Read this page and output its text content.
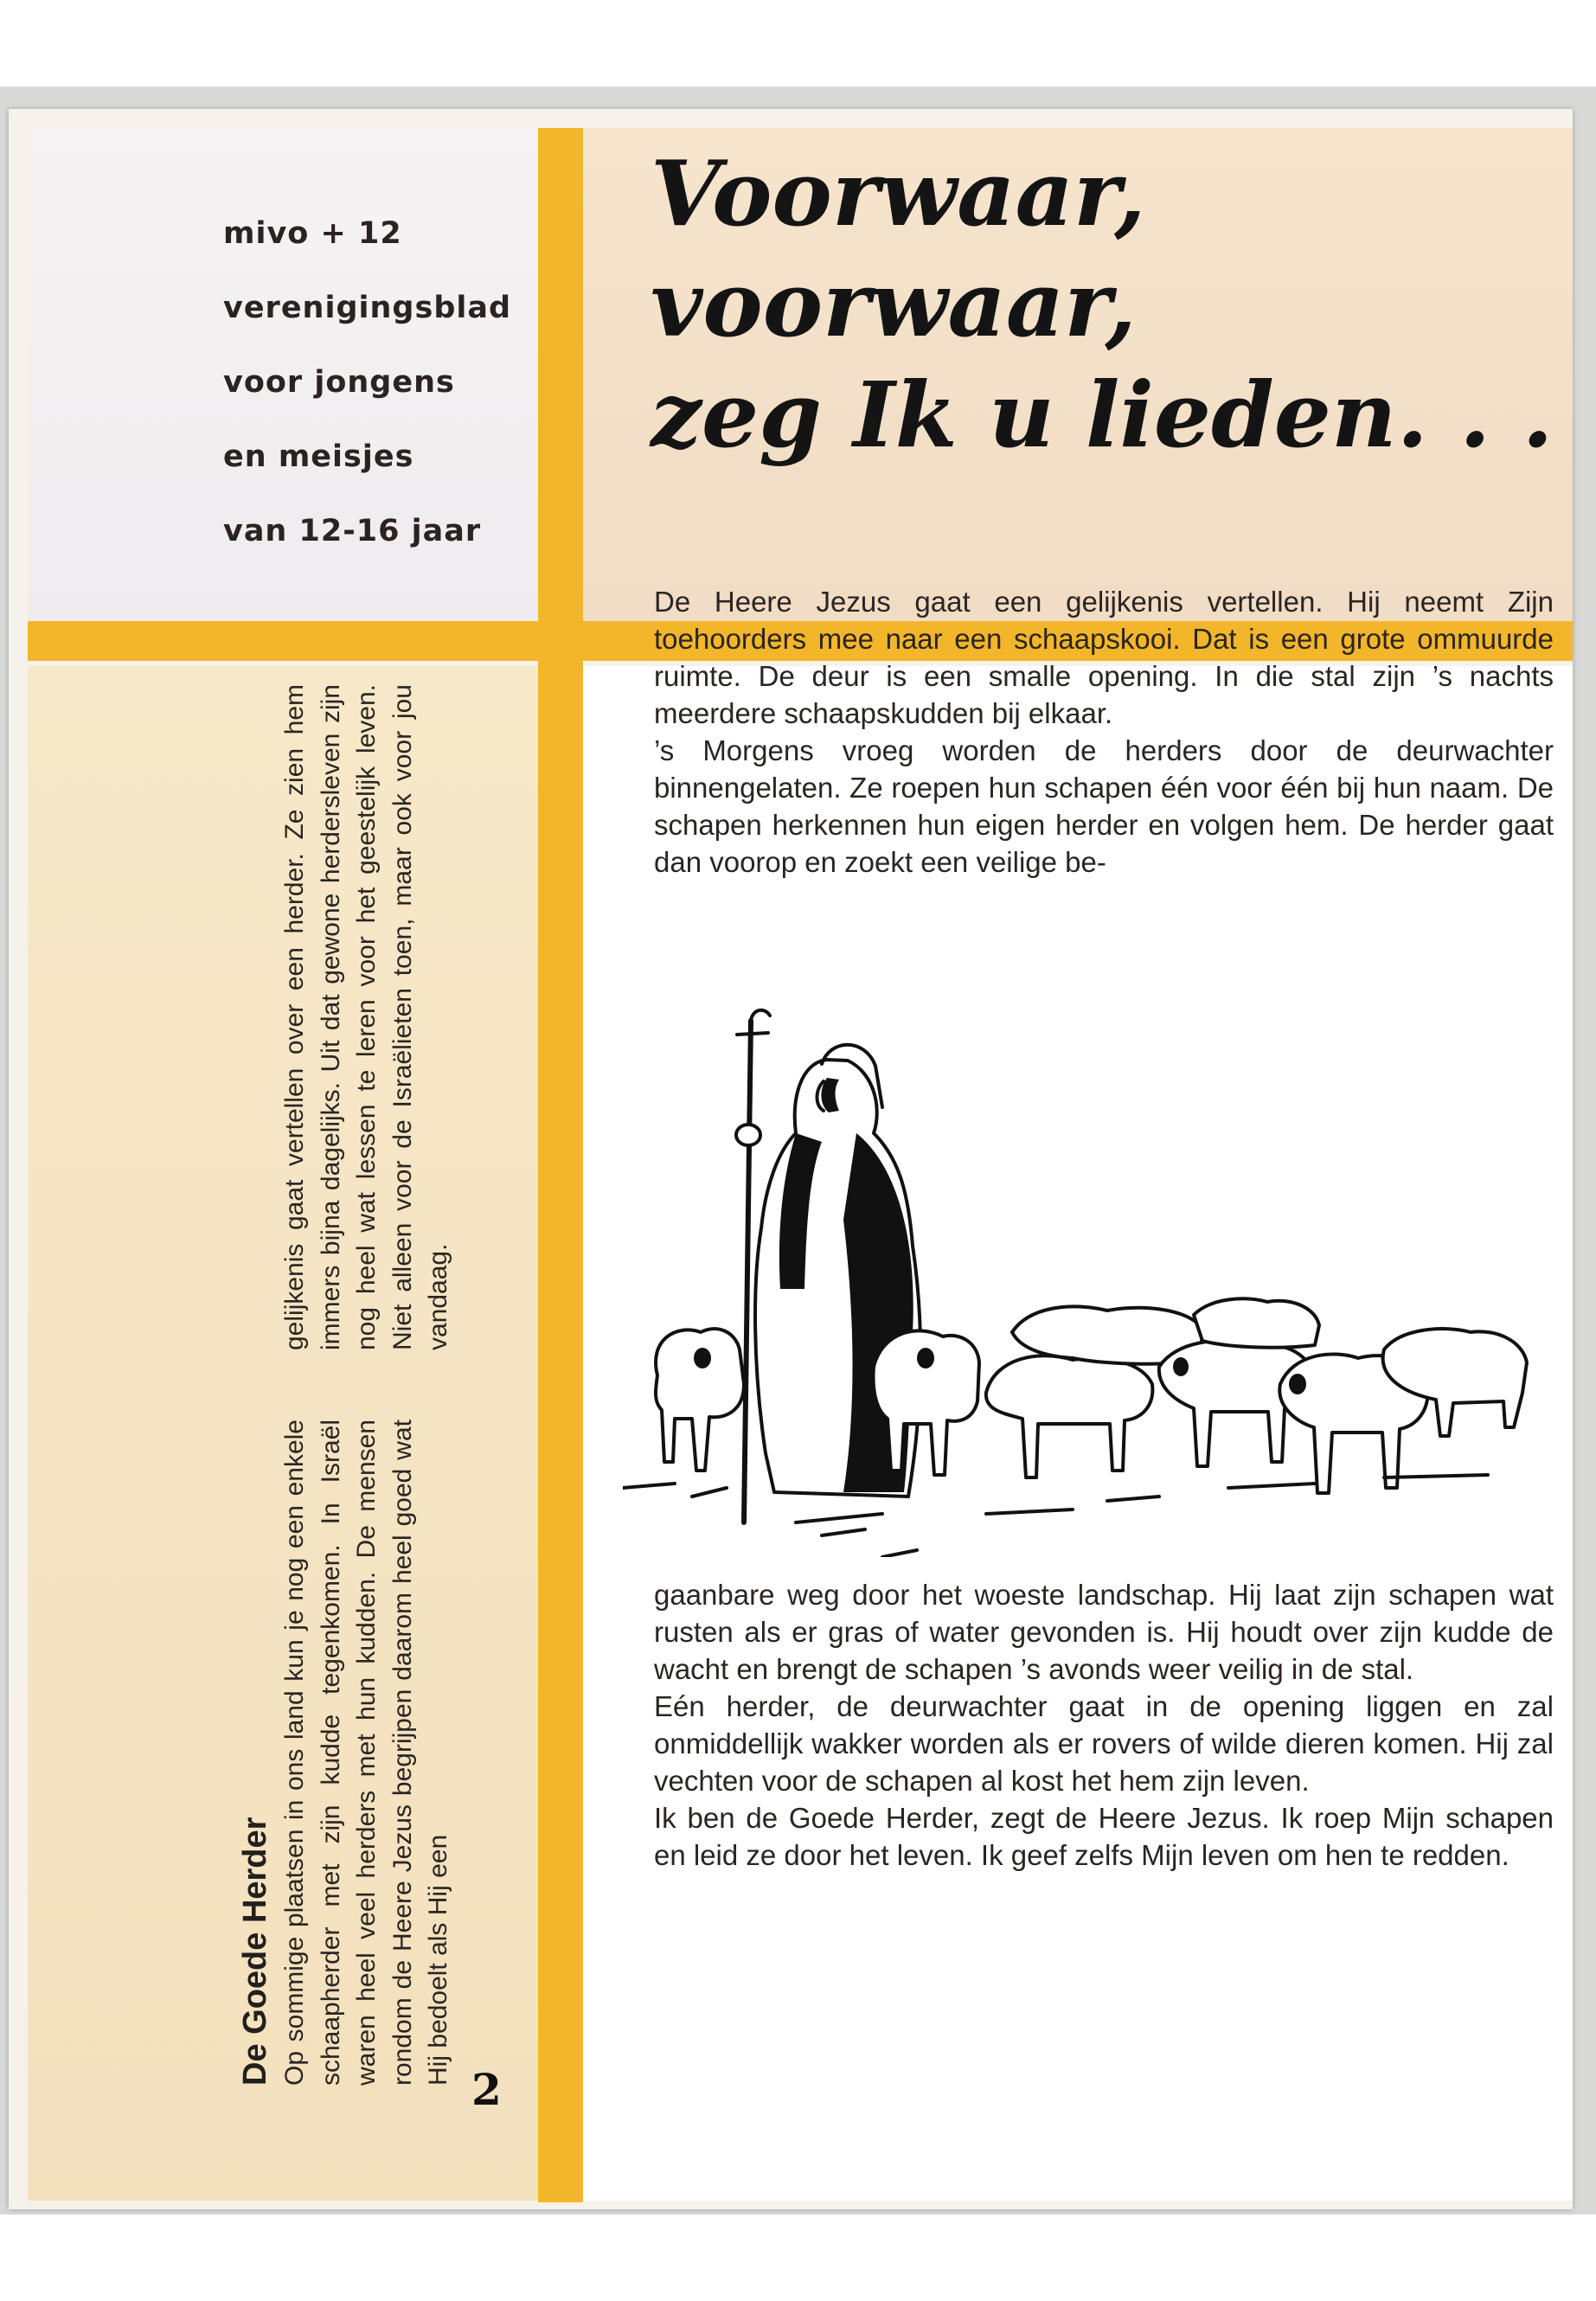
mivo + 12
verenigingsblad
voor jongens
en meisjes
van 12-16 jaar
Voorwaar, voorwaar,
zeg Ik u lieden. . .
De Heere Jezus gaat een gelijkenis vertellen. Hij neemt Zijn toehoorders mee naar een schaapskooi. Dat is een grote ommuurde ruimte. De deur is een smalle opening. In die stal zijn ’s nachts meerdere schaapskudden bij elkaar.
’s Morgens vroeg worden de herders door de deurwachter binnengelaten. Ze roepen hun schapen één voor één bij hun naam. De schapen herkennen hun eigen herder en volgen hem. De herder gaat dan voorop en zoekt een veilige be-
gaanbare weg door het woeste landschap. Hij laat zijn schapen wat rusten als er gras of water gevonden is. Hij houdt over zijn kudde de wacht en brengt de schapen ’s avonds weer veilig in de stal.
Eén herder, de deurwachter gaat in de opening liggen en zal onmiddellijk wakker worden als er rovers of wilde dieren komen. Hij zal vechten voor de schapen al kost het hem zijn leven.
Ik ben de Goede Herder, zegt de Heere Jezus. Ik roep Mijn schapen en leid ze door het leven. Ik geef zelfs Mijn leven om hen te redden.
De Goede Herder Op sommige plaatsen in ons land kun je nog een enkele schaapherder met zijn kudde tegenkomen. In Israël waren heel veel herders met hun kudden. De mensen rondom de Heere Jezus begrijpen daarom heel goed wat Hij bedoelt als Hij een
gelijkenis gaat vertellen over een herder. Ze zien hem immers bijna dagelijks. Uit dat gewone herdersleven zijn nog heel wat lessen te leren voor het geestelijk leven. Niet alleen voor de Israëlieten toen, maar ook voor jou vandaag.
2
